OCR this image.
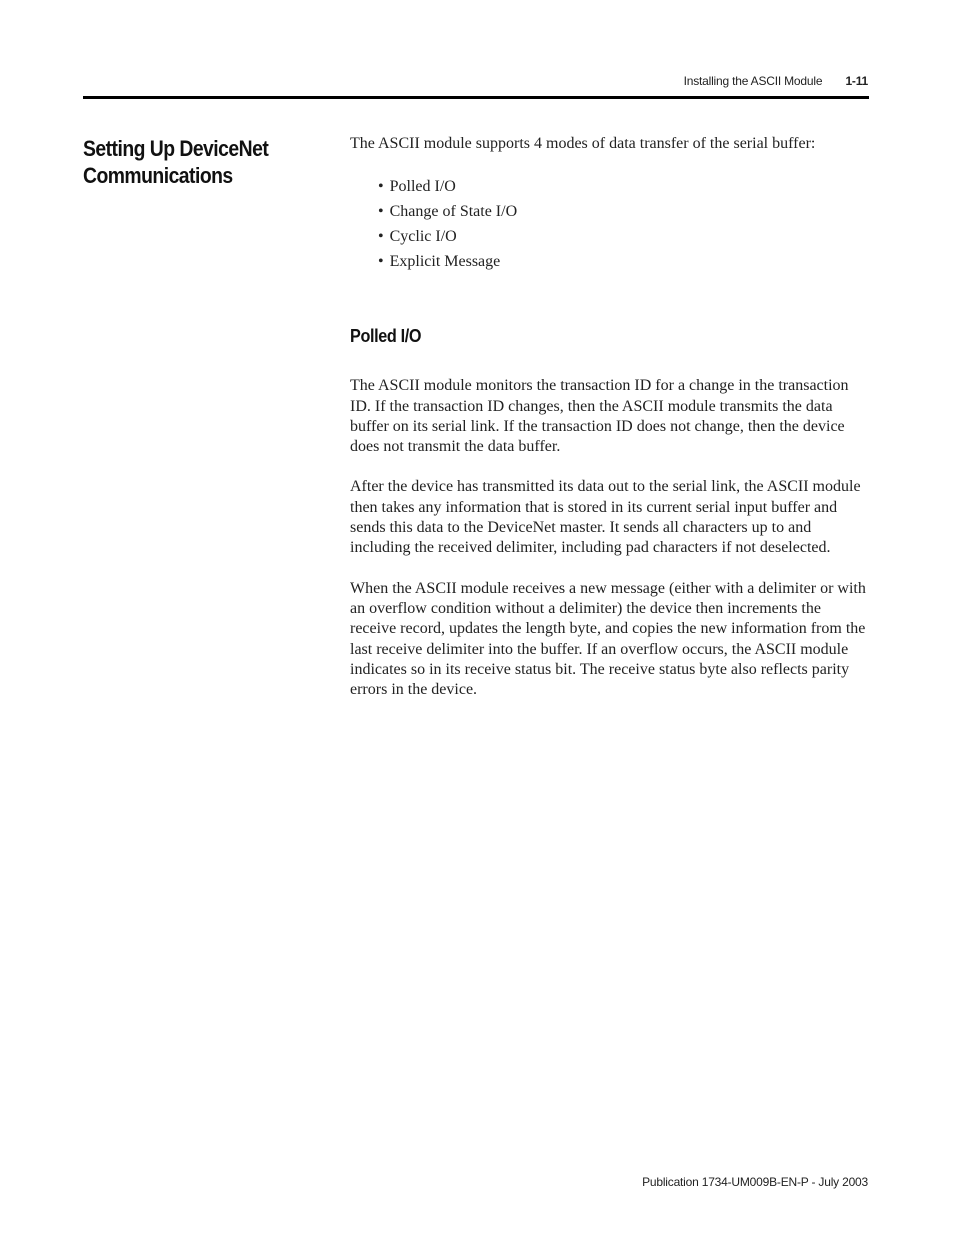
Installing the ASCII Module 1-11
Setting Up DeviceNet Communications

The ASCII module supports 4 modes of data transfer of the serial buffer:

• Polled I/O
• Change of State I/O
• Cyclic I/O
• Explicit Message
Polled I/O

The ASCII module monitors the transaction ID for a change in the transaction ID. If the transaction ID changes, then the ASCII module transmits the data buffer on its serial link. If the transaction ID does not change, then the device does not transmit the data buffer.

After the device has transmitted its data out to the serial link, the ASCII module then takes any information that is stored in its current serial input buffer and sends this data to the DeviceNet master. It sends all characters up to and including the received delimiter, including pad characters if not deselected.

When the ASCII module receives a new message (either with a delimiter or with an overflow condition without a delimiter) the device then increments the receive record, updates the length byte, and copies the new information from the last receive delimiter into the buffer. If an overflow occurs, the ASCII module indicates so in its receive status bit. The receive status byte also reflects parity errors in the device.

Publication 1734-UM009B-EN-P - July 2003
